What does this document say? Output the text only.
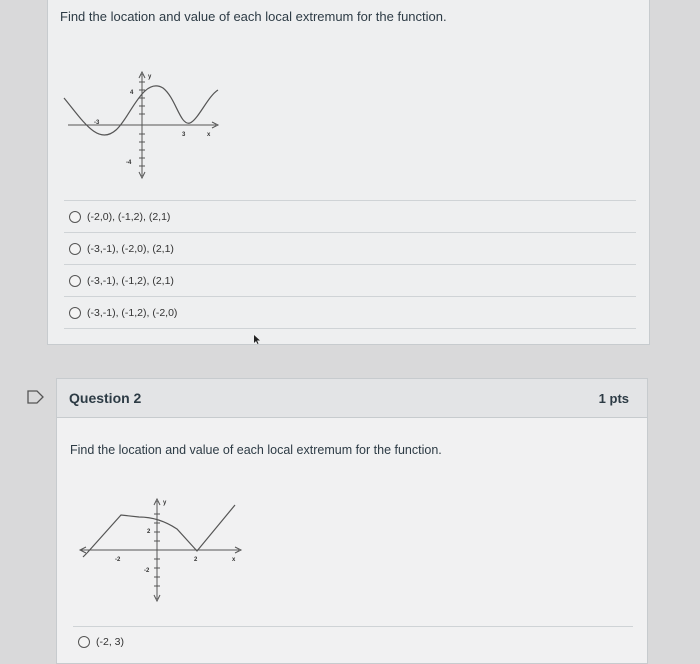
Find the location and value of each local extremum for the function.
-3
3
4
-4
y
x
(-2,0), (-1,2), (2,1)
(-3,-1), (-2,0), (2,1)
(-3,-1), (-1,2), (2,1)
(-3,-1), (-1,2), (-2,0)
Question 2	1 pts
Find the location and value of each local extremum for the function.
-2	2
2
-2
y
x
(-2, 3)
